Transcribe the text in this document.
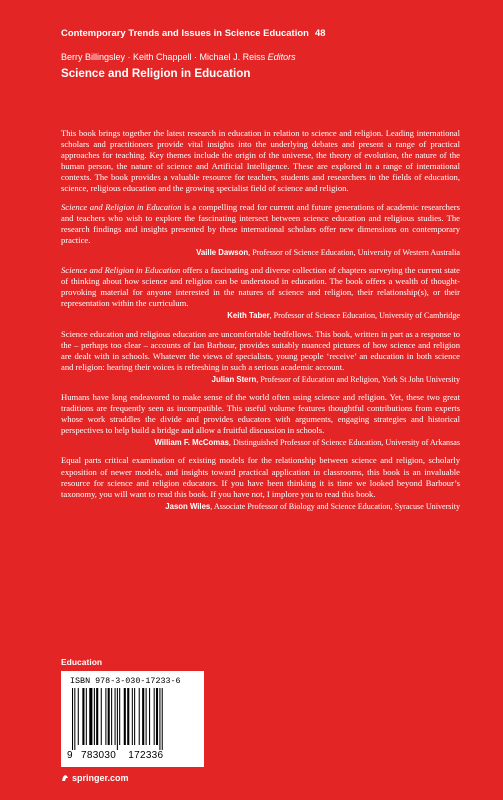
Contemporary Trends and Issues in Science Education 48
Berry Billingsley · Keith Chappell · Michael J. Reiss Editors
Science and Religion in Education

This book brings together the latest research in education in relation to science and religion. Leading international scholars and practitioners provide vital insights into the underlying debates and present a range of practical approaches for teaching. Key themes include the origin of the universe, the theory of evolution, the nature of the human person, the nature of science and Artificial Intelligence. These are explored in a range of international contexts. The book provides a valuable resource for teachers, students and researchers in the fields of education, science, religious education and the growing specialist field of science and religion.

Science and Religion in Education is a compelling read for current and future generations of academic researchers and teachers who wish to explore the fascinating intersect between science education and religious studies. The research findings and insights presented by these international scholars offer new dimensions on contemporary practice.

Vaille Dawson, Professor of Science Education, University of Western Australia

Science and Religion in Education offers a fascinating and diverse collection of chapters surveying the current state of thinking about how science and religion can be understood in education. The book offers a wealth of thought-provoking material for anyone interested in the natures of science and religion, their relationship(s), or their representation within the curriculum.

Keith Taber, Professor of Science Education, University of Cambridge

Science education and religious education are uncomfortable bedfellows. This book, written in part as a response to the – perhaps too clear – accounts of Ian Barbour, provides suitably nuanced pictures of how science and religion are dealt with in schools. Whatever the views of specialists, young people ‘receive’ an education in both science and religion: hearing their voices is refreshing in such a serious academic account.

Julian Stern, Professor of Education and Religion, York St John University

Humans have long endeavored to make sense of the world often using science and religion. Yet, these two great traditions are frequently seen as incompatible. This useful volume features thoughtful contributions from experts whose work straddles the divide and provides educators with arguments, engaging strategies and historical perspectives to help build a bridge and allow a fruitful discussion in schools.

William F. McComas, Distinguished Professor of Science Education, University of Arkansas

Equal parts critical examination of existing models for the relationship between science and religion, scholarly exposition of newer models, and insights toward practical application in classrooms, this book is an invaluable resource for science and religion educators. If you have been thinking it is time we looked beyond Barbour’s taxonomy, you will want to read this book. If you have not, I implore you to read this book.

Jason Wiles, Associate Professor of Biology and Science Education, Syracuse University
Education
ISBN 978-3-030-17233-6
9 783030 172336
springer.com
